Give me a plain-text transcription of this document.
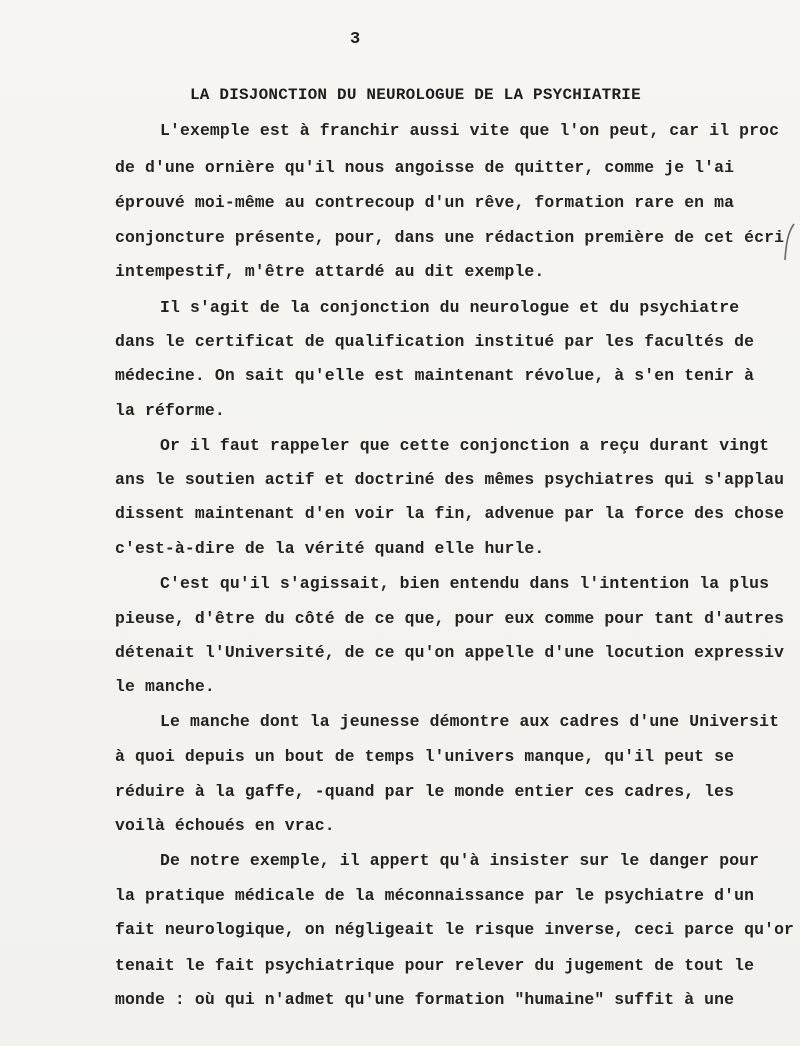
3
LA DISJONCTION DU NEUROLOGUE DE LA PSYCHIATRIE
L'exemple est à franchir aussi vite que l'on peut, car il proc
de d'une ornière qu'il nous angoisse de quitter, comme je l'ai
éprouvé moi-même au contrecoup d'un rêve, formation rare en ma
conjoncture présente, pour, dans une rédaction première de cet écri
intempestif, m'être attardé au dit exemple.
Il s'agit de la conjonction du neurologue et du psychiatre
dans le certificat de qualification institué par les facultés de
médecine. On sait qu'elle est maintenant révolue, à s'en tenir à
la réforme.
Or il faut rappeler que cette conjonction a reçu durant vingt
ans le soutien actif et doctriné des mêmes psychiatres qui s'applau
dissent maintenant d'en voir la fin, advenue par la force des chose
c'est-à-dire de la vérité quand elle hurle.
C'est qu'il s'agissait, bien entendu dans l'intention la plus
pieuse, d'être du côté de ce que, pour eux comme pour tant d'autres
détenait l'Université, de ce qu'on appelle d'une locution expressiv
le manche.
Le manche dont la jeunesse démontre aux cadres d'une Universit
à quoi depuis un bout de temps l'univers manque, qu'il peut se
réduire à la gaffe, -quand par le monde entier ces cadres, les
voilà échoués en vrac.
De notre exemple, il appert qu'à insister sur le danger pour
la pratique médicale de la méconnaissance par le psychiatre d'un
fait neurologique, on négligeait le risque inverse, ceci parce qu'or
tenait le fait psychiatrique pour relever du jugement de tout le
monde : où qui n'admet qu'une formation "humaine" suffit à une
